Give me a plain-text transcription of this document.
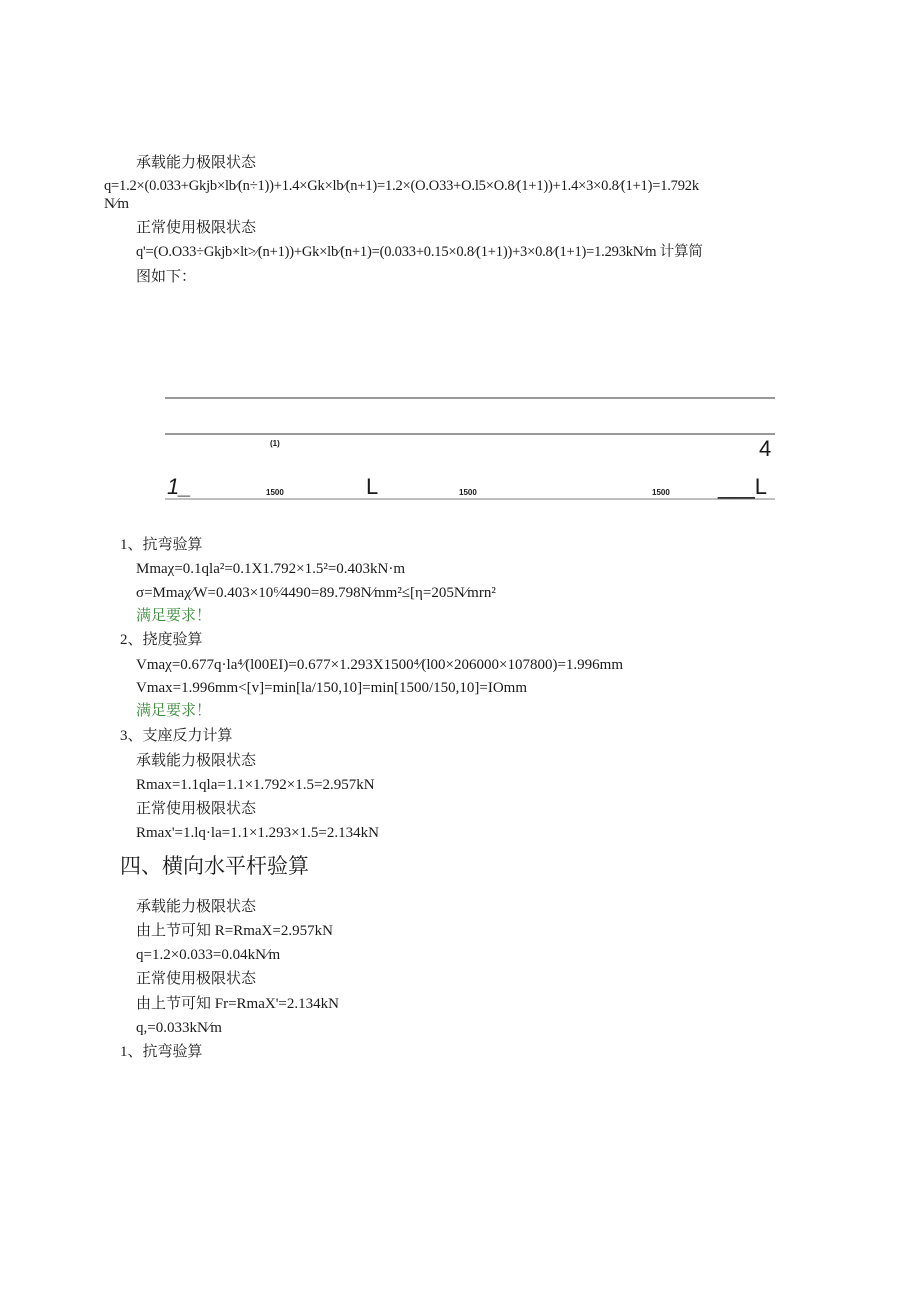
承载能力极限状态
q=1.2×(0.033+Gkjb×lb∕(n÷1))+1.4×Gk×lb∕(n+1)=1.2×(O.O33+O.l5×O.8∕(1+1))+1.4×3×0.8∕(1+1)=1.792k
N∕m
正常使用极限状态
q'=(O.O33÷Gkjb×lt>∕(n+1))+Gk×lb∕(n+1)=(0.033+0.15×0.8∕(1+1))+3×0.8∕(1+1)=1.293kN∕m 计算简
图如下：
(1)	4
1_	1500	L	1500	1500 ___L
1、抗弯验算
Mmaχ=0.1qla²=0.1X1.792×1.5²=0.403kN·m
σ=Mmaχ∕W=0.403×10⁶∕4490=89.798N∕mm²≤[η=205N∕mrn²
满足要求！
2、挠度验算
Vmaχ=0.677q·la⁴∕(l00EI)=0.677×1.293X1500⁴∕(l00×206000×107800)=1.996mm
Vmax=1.996mm<[v]=min[la/150,10]=min[1500/150,10]=IOmm
满足要求！
3、支座反力计算
承载能力极限状态
Rmax=1.1qla=1.1×1.792×1.5=2.957kN
正常使用极限状态
Rmax'=1.lq·la=1.1×1.293×1.5=2.134kN
四、横向水平杆验算
承载能力极限状态
由上节可知 R=RmaX=2.957kN
q=1.2×0.033=0.04kN∕m
正常使用极限状态
由上节可知 Fr=RmaX'=2.134kN
q,=0.033kN∕m
1、抗弯验算
